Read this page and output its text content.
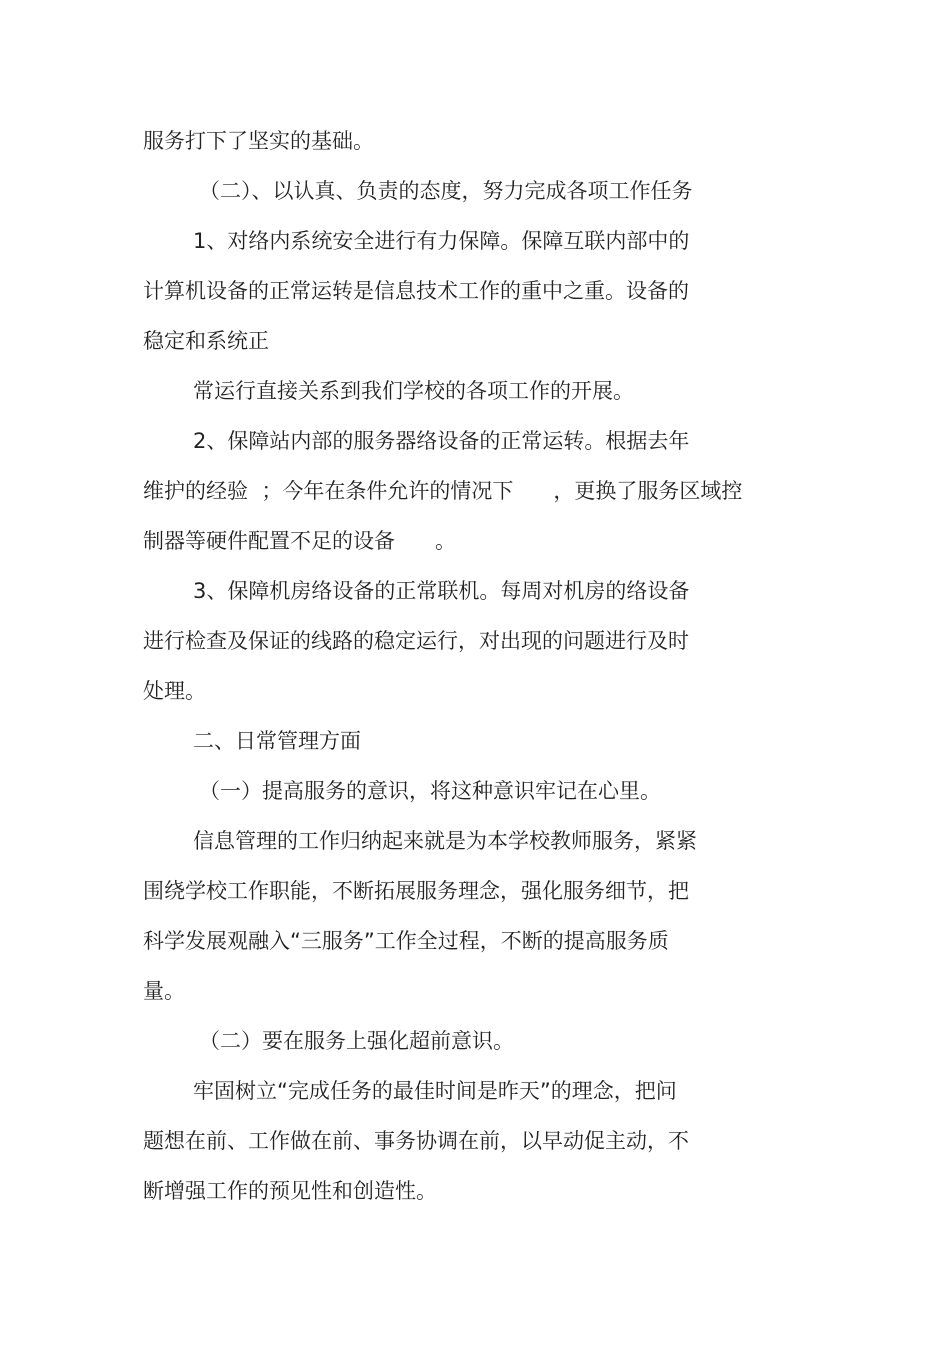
服务打下了坚实的基础。

（二）、以认真、负责的态度，努力完成各项工作任务

1、对络内系统安全进行有力保障。保障互联内部中的

计算机设备的正常运转是信息技术工作的重中之重。设备的

稳定和系统正

常运行直接关系到我们学校的各项工作的开展。

2、保障站内部的服务器络设备的正常运转。根据去年

维护的经验  ；今年在条件允许的情况下      ，更换了服务区域控

制器等硬件配置不足的设备      。

3、保障机房络设备的正常联机。每周对机房的络设备

进行检查及保证的线路的稳定运行，对出现的问题进行及时

处理。

二、日常管理方面

（一）提高服务的意识，将这种意识牢记在心里。

信息管理的工作归纳起来就是为本学校教师服务，紧紧

围绕学校工作职能，不断拓展服务理念，强化服务细节，把

科学发展观融入“三服务”工作全过程，不断的提高服务质

量。

（二）要在服务上强化超前意识。

牢固树立“完成任务的最佳时间是昨天”的理念，把问

题想在前、工作做在前、事务协调在前，以早动促主动，不

断增强工作的预见性和创造性。
